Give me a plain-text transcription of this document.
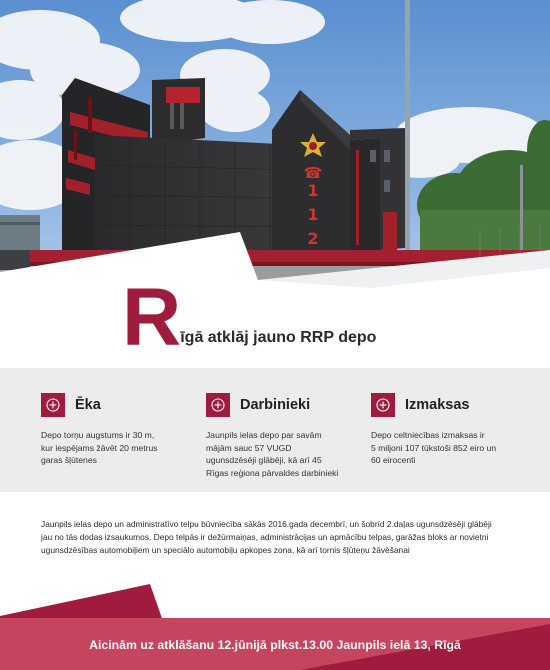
☎
1
1
2
R īgā atklāj jauno RRP depo
Ēka
Depo torņu augstums ir 30 m,
kur iespējams žāvēt 20 metrus
garas šļūtenes
Darbinieki
Jaunpils ielas depo par savām
mājām sauc 57 VUGD
ugunsdzēsēji glābēji, kā arī 45
Rīgas reģiona pārvaldes darbinieki
Izmaksas
Depo celtniecības izmaksas ir
5 miljoni 107 tūkstoši 852 eiro un
60 eirocenti
Jaunpils ielas depo un administratīvo telpu būvniecība sākās 2016.gada decembrī, un šobrīd 2.daļas ugunsdzēsēji glābēji
jau no tās dodas izsaukumos. Depo telpās ir dežūrmaiņas, administrācijas un apmācību telpas, garāžas bloks ar novietni
ugunsdzēsības automobiļiem un speciālo automobiļu apkopes zona, kā arī tornis šļūteņu žāvēšanai
Aicinām uz atklāšanu 12.jūnijā plkst.13.00 Jaunpils ielā 13, Rīgā
